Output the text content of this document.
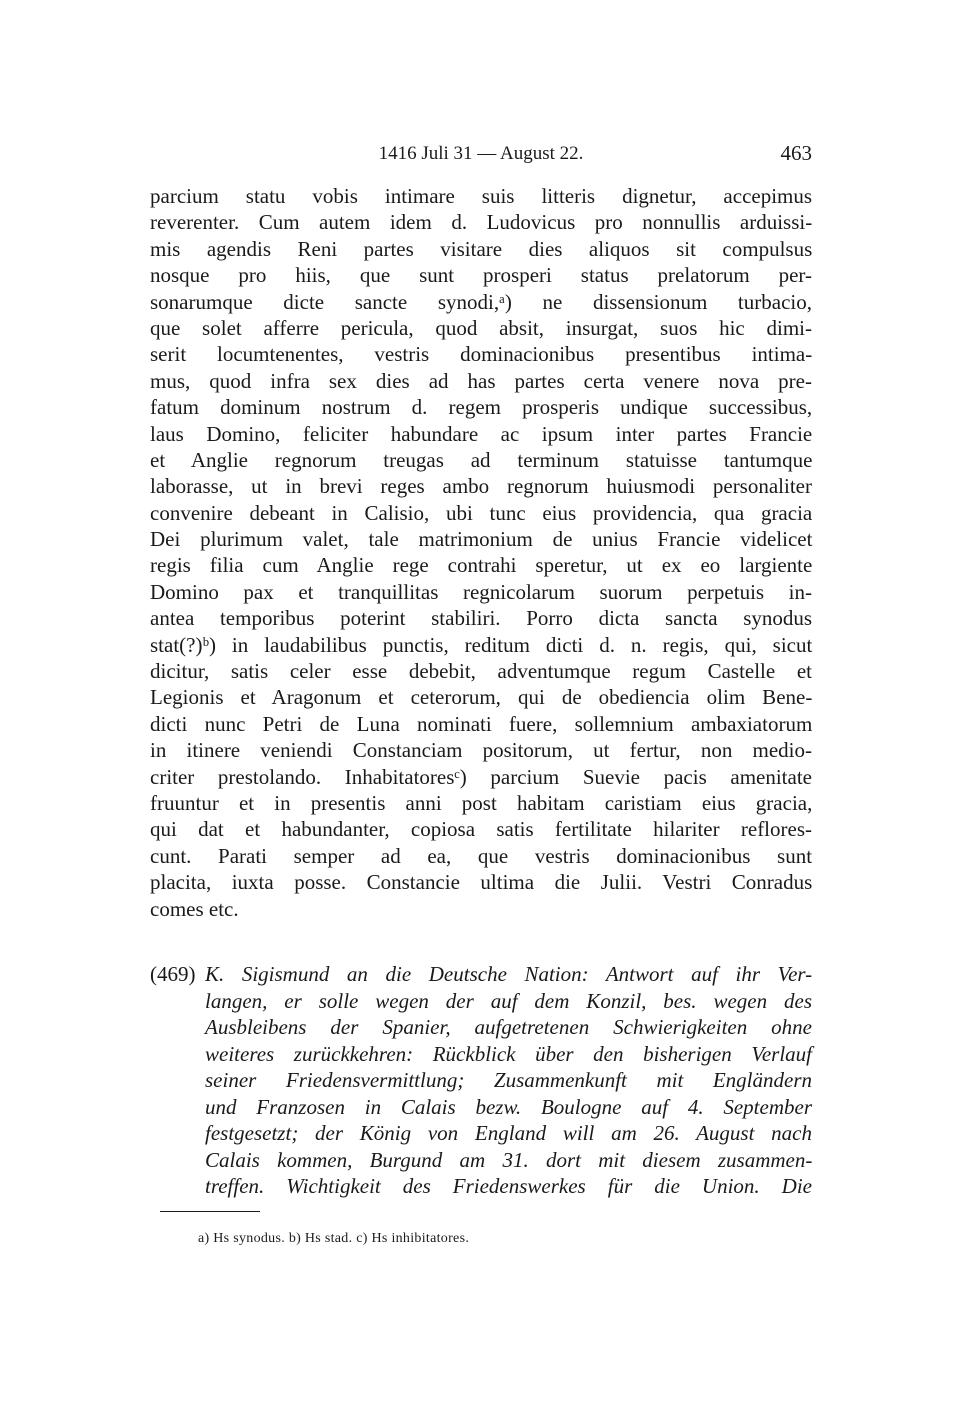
1416 Juli 31 — August 22.	463
parcium statu vobis intimare suis litteris dignetur, accepimus
reverenter. Cum autem idem d. Ludovicus pro nonnullis arduissi-
mis agendis Reni partes visitare dies aliquos sit compulsus
nosque pro hiis, que sunt prosperi status prelatorum per-
sonarumque dicte sancte synodi,ᵃ) ne dissensionum turbacio,
que solet afferre pericula, quod absit, insurgat, suos hic dimi-
serit locumtenentes, vestris dominacionibus presentibus intima-
mus, quod infra sex dies ad has partes certa venere nova pre-
fatum dominum nostrum d. regem prosperis undique successibus,
laus Domino, feliciter habundare ac ipsum inter partes Francie
et Anglie regnorum treugas ad terminum statuisse tantumque
laborasse, ut in brevi reges ambo regnorum huiusmodi personaliter
convenire debeant in Calisio, ubi tunc eius providencia, qua gracia
Dei plurimum valet, tale matrimonium de unius Francie videlicet
regis filia cum Anglie rege contrahi speretur, ut ex eo largiente
Domino pax et tranquillitas regnicolarum suorum perpetuis in-
antea temporibus poterint stabiliri. Porro dicta sancta synodus
stat(?)ᵇ) in laudabilibus punctis, reditum dicti d. n. regis, qui, sicut
dicitur, satis celer esse debebit, adventumque regum Castelle et
Legionis et Aragonum et ceterorum, qui de obediencia olim Bene-
dicti nunc Petri de Luna nominati fuere, sollemnium ambaxiatorum
in itinere veniendi Constanciam positorum, ut fertur, non medio-
criter prestolando. Inhabitatoresᶜ) parcium Suevie pacis amenitate
fruuntur et in presentis anni post habitam caristiam eius gracia,
qui dat et habundanter, copiosa satis fertilitate hilariter reflores-
cunt. Parati semper ad ea, que vestris dominacionibus sunt
placita, iuxta posse. Constancie ultima die Julii. Vestri Conradus
comes etc.
(469) K. Sigismund an die Deutsche Nation: Antwort auf ihr Ver-
langen, er solle wegen der auf dem Konzil, bes. wegen des
Ausbleibens der Spanier, aufgetretenen Schwierigkeiten ohne
weiteres zurückkehren: Rückblick über den bisherigen Verlauf
seiner Friedensvermittlung; Zusammenkunft mit Engländern
und Franzosen in Calais bezw. Boulogne auf 4. September
festgesetzt; der König von England will am 26. August nach
Calais kommen, Burgund am 31. dort mit diesem zusammen-
treffen. Wichtigkeit des Friedenswerkes für die Union. Die
a) Hs synodus. b) Hs stad. c) Hs inhibitatores.
